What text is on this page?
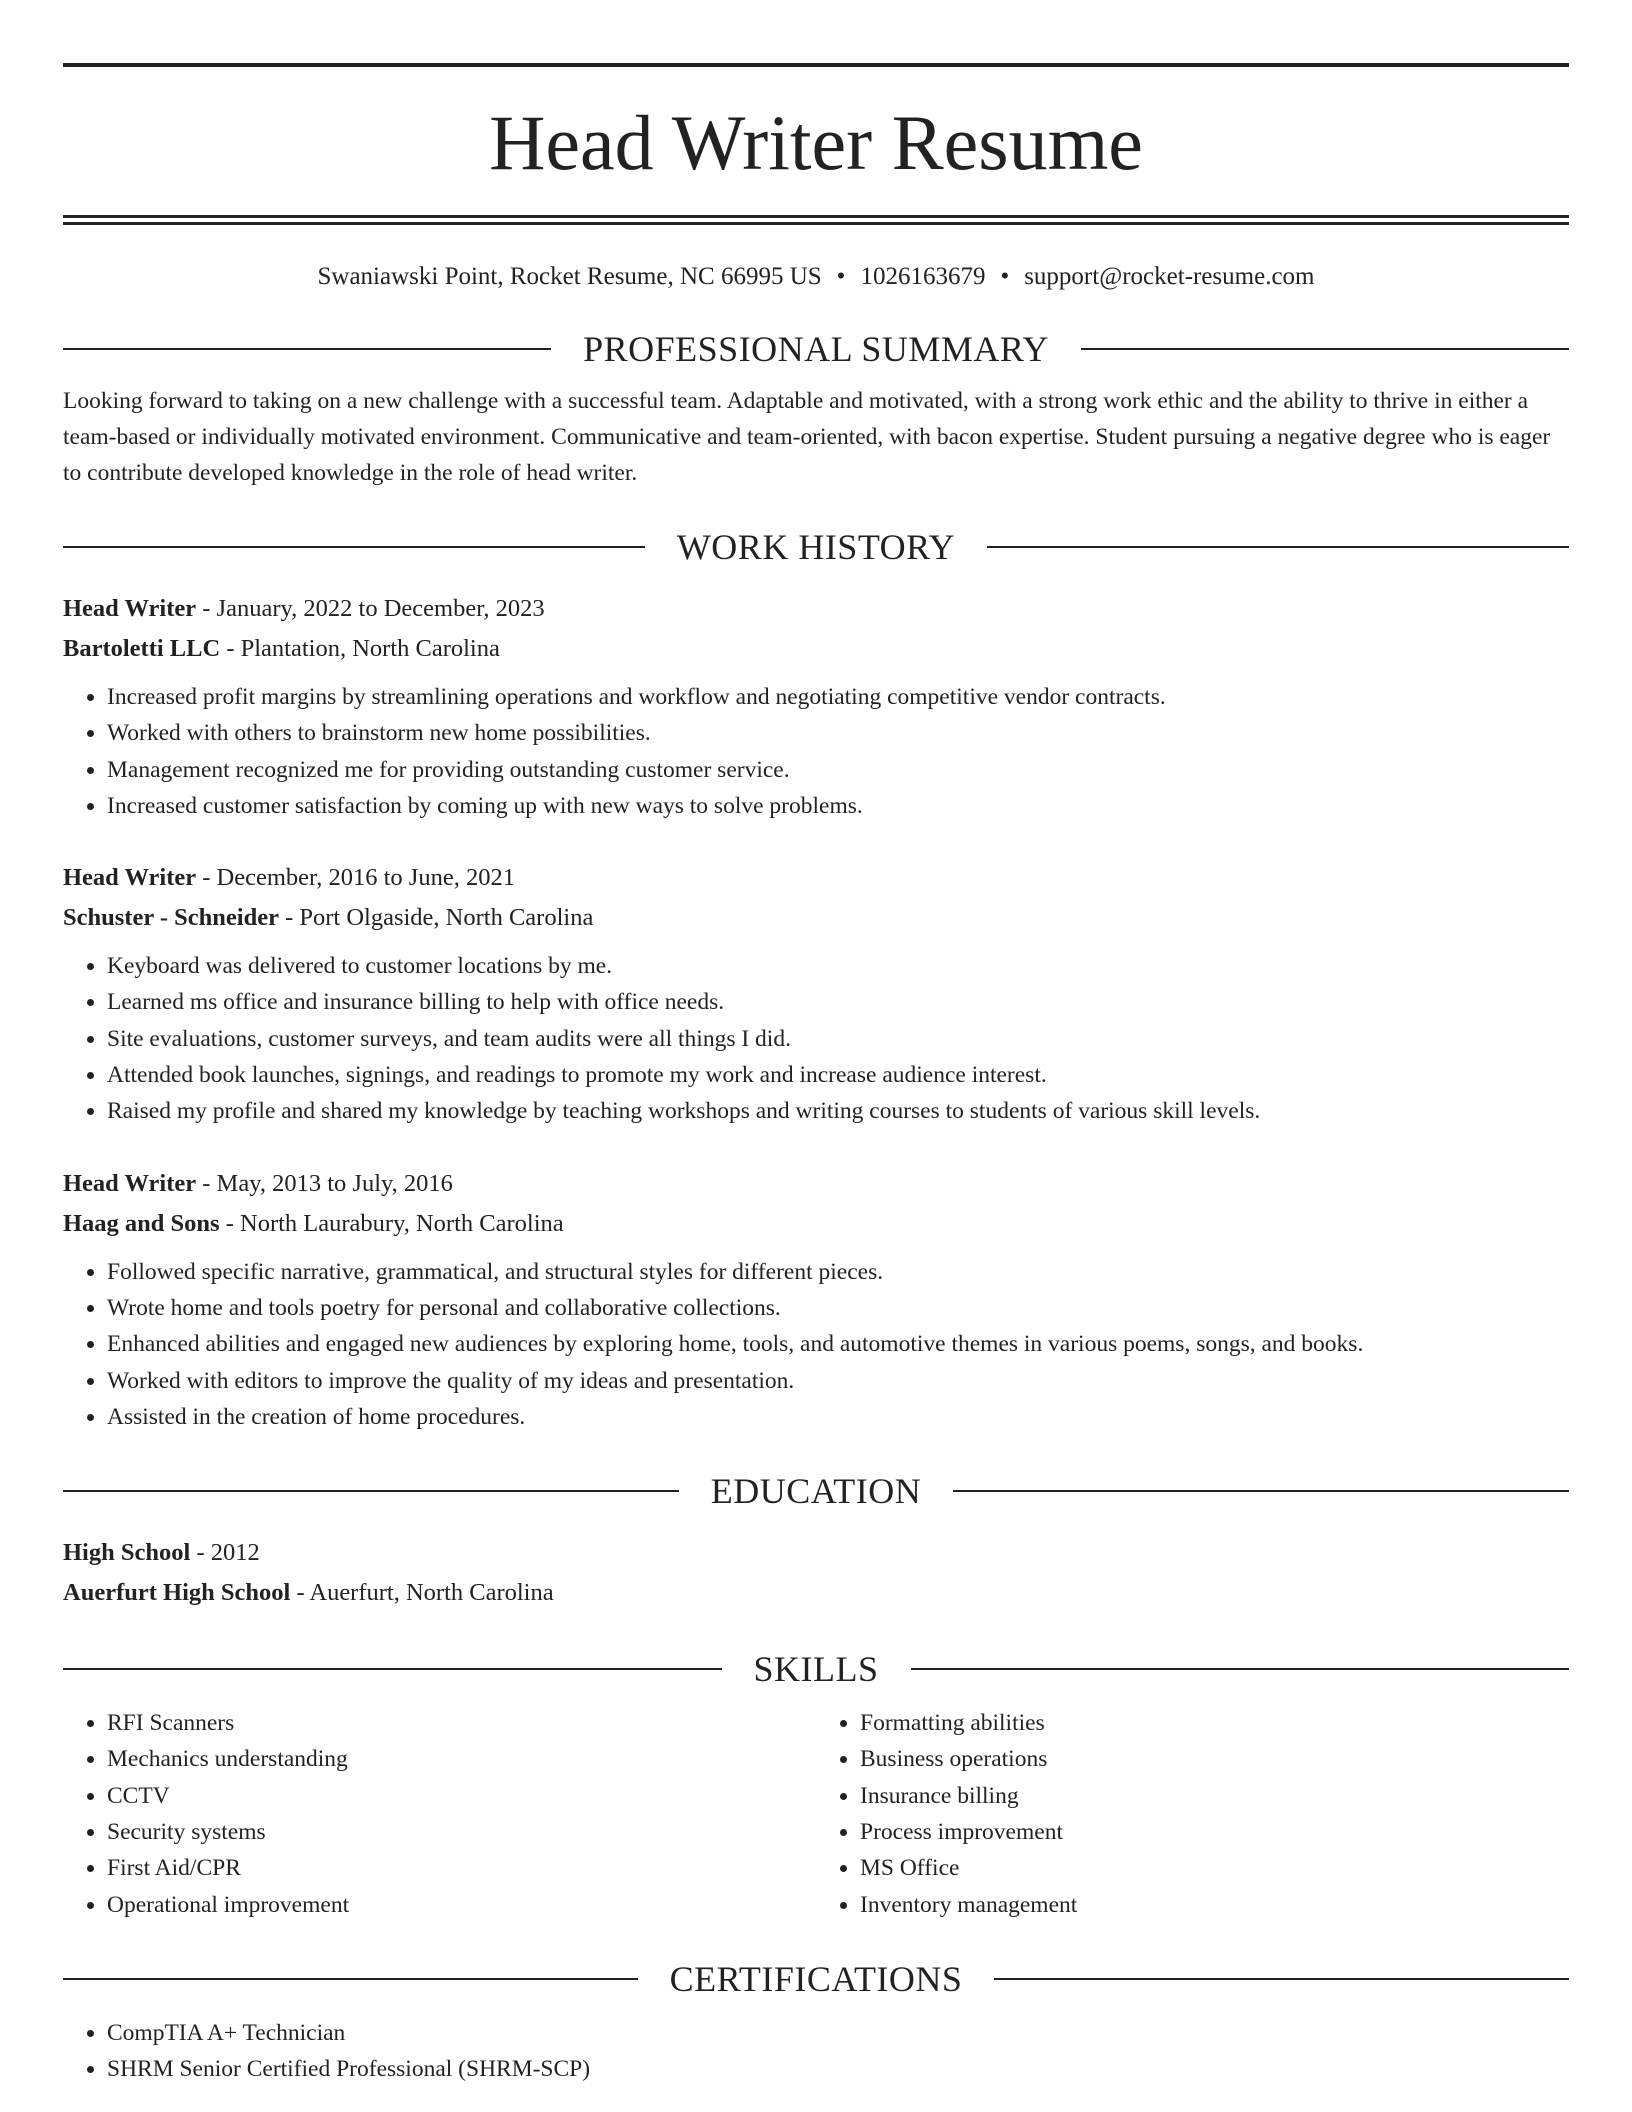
Head Writer Resume
Swaniawski Point, Rocket Resume, NC 66995 US • 1026163679 • support@rocket-resume.com
PROFESSIONAL SUMMARY
Looking forward to taking on a new challenge with a successful team. Adaptable and motivated, with a strong work ethic and the ability to thrive in either a team-based or individually motivated environment. Communicative and team-oriented, with bacon expertise. Student pursuing a negative degree who is eager to contribute developed knowledge in the role of head writer.
WORK HISTORY
Head Writer - January, 2022 to December, 2023
Bartoletti LLC - Plantation, North Carolina
• Increased profit margins by streamlining operations and workflow and negotiating competitive vendor contracts.
• Worked with others to brainstorm new home possibilities.
• Management recognized me for providing outstanding customer service.
• Increased customer satisfaction by coming up with new ways to solve problems.
Head Writer - December, 2016 to June, 2021
Schuster - Schneider - Port Olgaside, North Carolina
• Keyboard was delivered to customer locations by me.
• Learned ms office and insurance billing to help with office needs.
• Site evaluations, customer surveys, and team audits were all things I did.
• Attended book launches, signings, and readings to promote my work and increase audience interest.
• Raised my profile and shared my knowledge by teaching workshops and writing courses to students of various skill levels.
Head Writer - May, 2013 to July, 2016
Haag and Sons - North Laurabury, North Carolina
• Followed specific narrative, grammatical, and structural styles for different pieces.
• Wrote home and tools poetry for personal and collaborative collections.
• Enhanced abilities and engaged new audiences by exploring home, tools, and automotive themes in various poems, songs, and books.
• Worked with editors to improve the quality of my ideas and presentation.
• Assisted in the creation of home procedures.
EDUCATION
High School - 2012
Auerfurt High School - Auerfurt, North Carolina
SKILLS
• RFI Scanners
• Mechanics understanding
• CCTV
• Security systems
• First Aid/CPR
• Operational improvement
• Formatting abilities
• Business operations
• Insurance billing
• Process improvement
• MS Office
• Inventory management
CERTIFICATIONS
• CompTIA A+ Technician
• SHRM Senior Certified Professional (SHRM-SCP)
